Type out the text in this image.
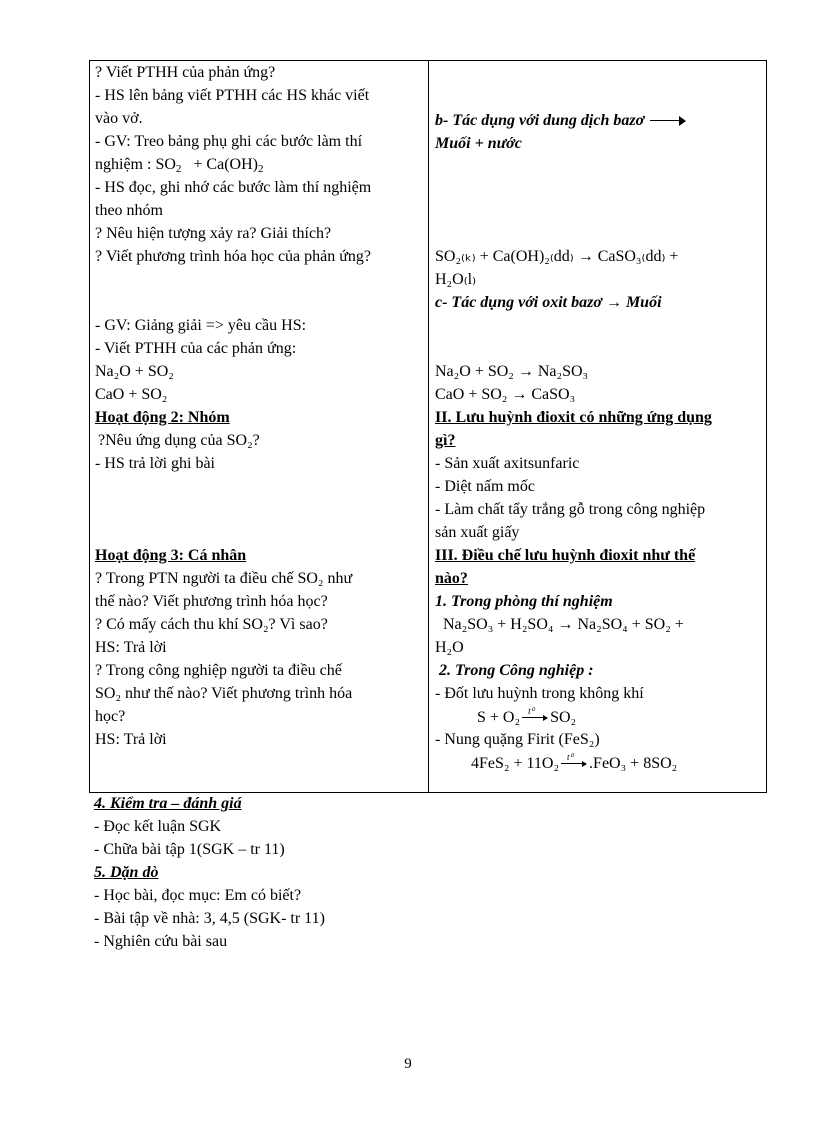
? Viết PTHH của phản ứng?
- HS lên bảng viết PTHH các HS khác viết
vào vở.
- GV: Treo bảng phụ ghi các bước làm thí
nghiệm : $SO_2 + Ca(OH)_2$
- HS đọc, ghi nhớ các bước làm thí nghiệm
theo nhóm
? Nêu hiện tượng xảy ra? Giải thích?
? Viết phương trình hóa học của phản ứng?
- GV: Giảng giải => yêu cầu HS:
- Viết PTHH của các phản ứng:
Na₂O + SO₂
CaO + SO₂
Hoạt động 2: Nhóm
?Nêu ứng dụng của SO₂?
- HS trả lời ghi bài
Hoạt động 3: Cá nhân
? Trong PTN người ta điều chế SO₂ như
thế nào? Viết phương trình hóa học?
? Có mấy cách thu khí SO₂? Vì sao?
HS: Trả lời
? Trong công nghiệp người ta điều chế
SO₂ như thế nào? Viết phương trình hóa
học?
HS: Trả lời
b- Tác dụng với dung dịch bazơ
Muối + nước
SO₂₍ₖ₎ + Ca(OH)₂₍dd₎ → CaSO₃₍dd₎ +
H₂O₍l₎
c- Tác dụng với oxit bazơ → Muối
Na₂O + SO₂ → Na₂SO₃
CaO + SO₂ → CaSO₃
II. Lưu huỳnh đioxit có những ứng dụng
gì?
- Sản xuất axitsunfaric
- Diệt nấm mốc
- Làm chất tẩy trắng gỗ trong công nghiệp
sản xuất giấy
III. Điều chế lưu huỳnh đioxit như thế
nào?
1. Trong phòng thí nghiệm
Na₂SO₃ + H₂SO₄ → Na₂SO₄ + SO₂ +
H₂O
2. Trong Công nghiệp :
- Đốt lưu huỳnh trong không khí
S + O₂ t⁰ SO₂
- Nung quặng Firit (FeS₂)
4FeS₂ + 11O₂ t⁰ .FeO₃ + 8SO₂
4. Kiểm tra – đánh giá
- Đọc kết luận SGK
- Chữa bài tập 1(SGK – tr 11)
5. Dặn dò
- Học bài, đọc mục: Em có biết?
- Bài tập về nhà: 3, 4,5 (SGK- tr 11)
- Nghiên cứu bài sau
9
